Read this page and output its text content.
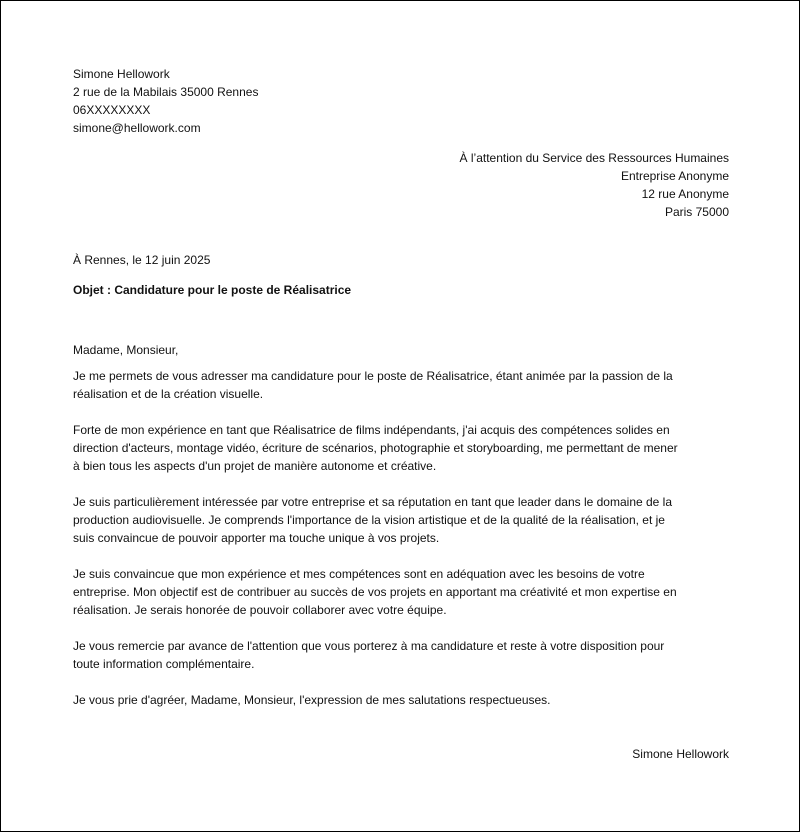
Simone Hellowork
2 rue de la Mabilais 35000 Rennes
06XXXXXXXX
simone@hellowork.com
À l’attention du Service des Ressources Humaines
Entreprise Anonyme
12 rue Anonyme
Paris 75000
À Rennes, le 12 juin 2025
Objet : Candidature pour le poste de Réalisatrice
Madame, Monsieur,

Je me permets de vous adresser ma candidature pour le poste de Réalisatrice, étant animée par la passion de la
réalisation et de la création visuelle.

Forte de mon expérience en tant que Réalisatrice de films indépendants, j'ai acquis des compétences solides en
direction d'acteurs, montage vidéo, écriture de scénarios, photographie et storyboarding, me permettant de mener
à bien tous les aspects d'un projet de manière autonome et créative.

Je suis particulièrement intéressée par votre entreprise et sa réputation en tant que leader dans le domaine de la
production audiovisuelle. Je comprends l'importance de la vision artistique et de la qualité de la réalisation, et je
suis convaincue de pouvoir apporter ma touche unique à vos projets.

Je suis convaincue que mon expérience et mes compétences sont en adéquation avec les besoins de votre
entreprise. Mon objectif est de contribuer au succès de vos projets en apportant ma créativité et mon expertise en
réalisation. Je serais honorée de pouvoir collaborer avec votre équipe.

Je vous remercie par avance de l'attention que vous porterez à ma candidature et reste à votre disposition pour
toute information complémentaire.

Je vous prie d'agréer, Madame, Monsieur, l'expression de mes salutations respectueuses.

Simone Hellowork
